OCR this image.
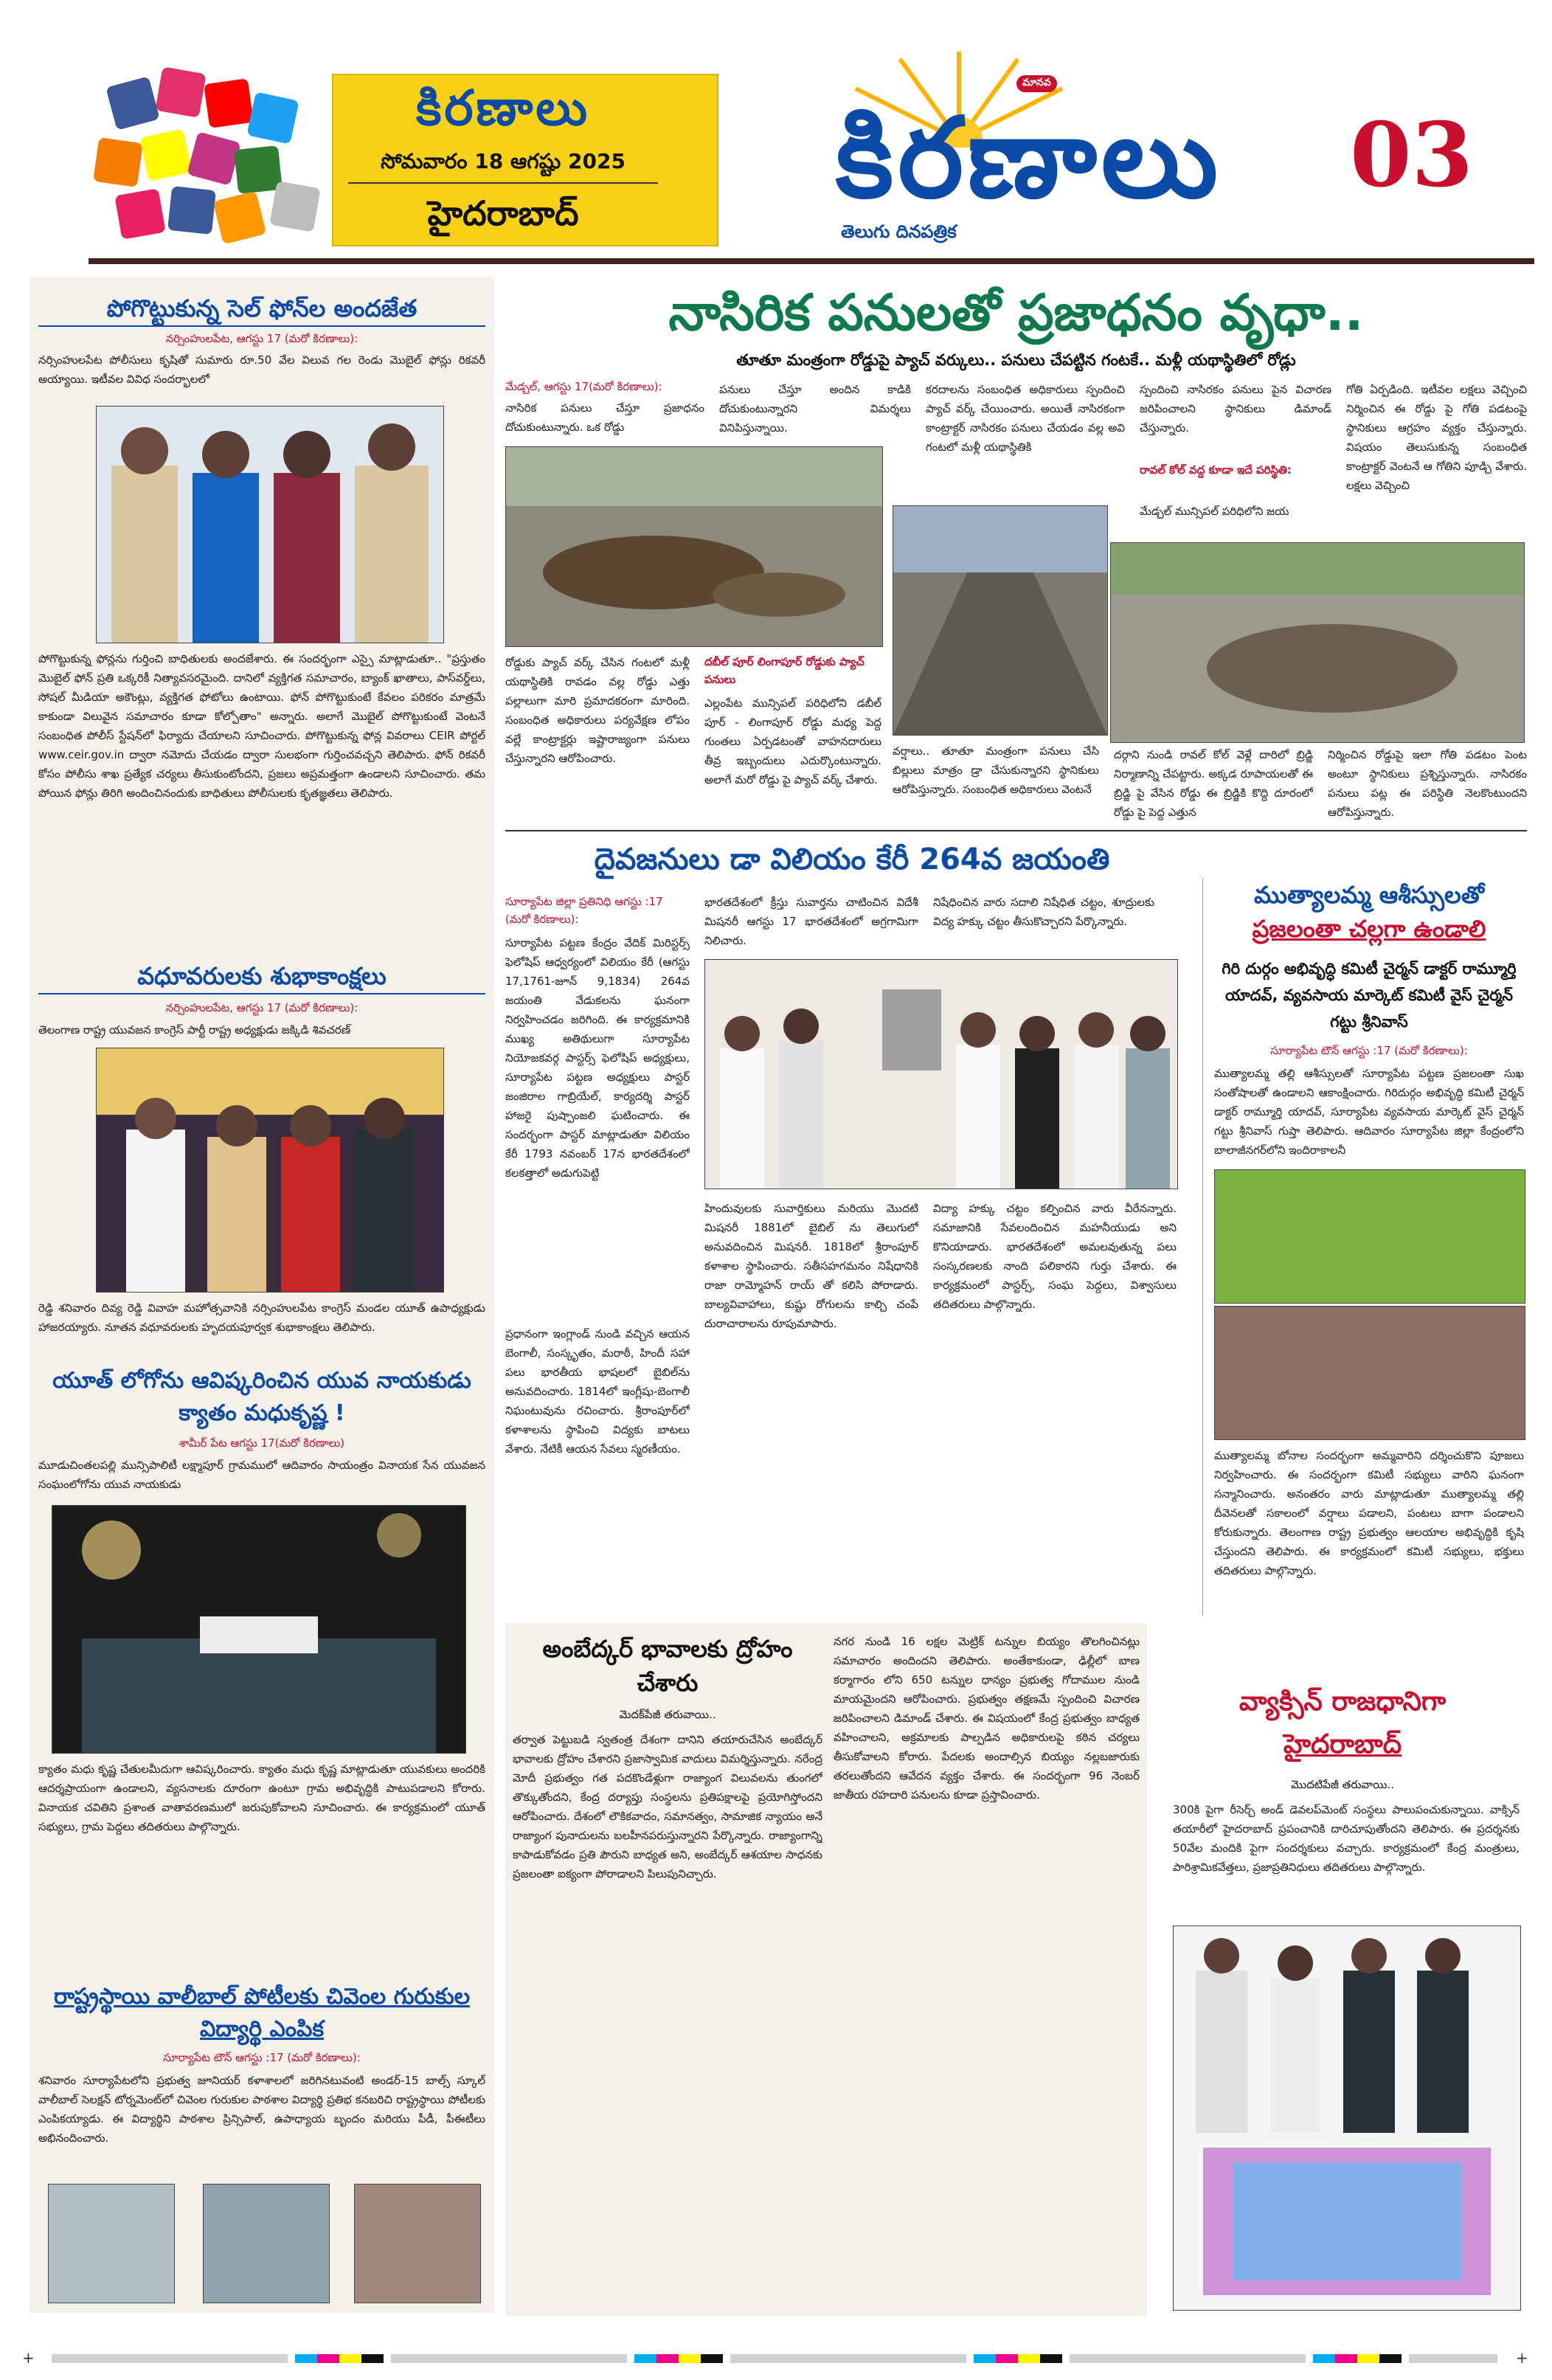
కిరణాలు
సోమవారం 18 ఆగష్టు 2025
హైదరాబాద్
మానవ
కిరణాలు
తెలుగు దినపత్రిక
03
పోగొట్టుకున్న సెల్ ఫోన్‌ల అందజేత
నర్సింహులపేట, ఆగస్టు 17 (మరో కిరణాలు):
నర్సింహులపేట పోలీసులు కృషితో సుమారు రూ.50 వేల విలువ గల రెండు మొబైల్ ఫోన్లు రికవరీ అయ్యాయి. ఇటీవల వివిధ సందర్భాలలో
పోగొట్టుకున్న ఫోన్లను గుర్తించి బాధితులకు అందజేశారు. ఈ సందర్భంగా ఎస్సై మాట్లాడుతూ.. "ప్రస్తుతం మొబైల్ ఫోన్ ప్రతి ఒక్కరికీ నిత్యావసరమైంది. దానిలో వ్యక్తిగత సమాచారం, బ్యాంక్ ఖాతాలు, పాస్‌వర్డ్‌లు, సోషల్ మీడియా అకౌంట్లు, వ్యక్తిగత ఫోటోలు ఉంటాయి. ఫోన్ పోగొట్టుకుంటే కేవలం పరికరం మాత్రమే కాకుండా విలువైన సమాచారం కూడా కోల్పోతాం" అన్నారు. అలాగే మొబైల్ పోగొట్టుకుంటే వెంటనే సంబంధిత పోలీస్ స్టేషన్‌లో ఫిర్యాదు చేయాలని సూచించారు. పోగొట్టుకున్న ఫోన్ల వివరాలు CEIR పోర్టల్ www.ceir.gov.in ద్వారా నమోదు చేయడం ద్వారా సులభంగా గుర్తించవచ్చని తెలిపారు. ఫోన్ రికవరీ కోసం పోలీసు శాఖ ప్రత్యేక చర్యలు తీసుకుంటోందని, ప్రజలు అప్రమత్తంగా ఉండాలని సూచించారు. తమ పోయిన ఫోన్లు తిరిగి అందించినందుకు బాధితులు పోలీసులకు కృతజ్ఞతలు తెలిపారు.
వధూవరులకు శుభాకాంక్షలు
నర్సింహులపేట, ఆగస్టు 17 (మరో కిరణాలు):
తెలంగాణ రాష్ట్ర యువజన కాంగ్రెస్ పార్టీ రాష్ట్ర అధ్యక్షుడు జక్కిడి శివచరణ్
రెడ్డి శనివారం దివ్య రెడ్డి వివాహ మహోత్సవానికి నర్సింహులపేట కాంగ్రెస్ మండల యూత్ ఉపాధ్యక్షుడు హాజరయ్యారు. నూతన వధూవరులకు హృదయపూర్వక శుభాకాంక్షలు తెలిపారు.
యూత్ లోగోను ఆవిష్కరించిన యువ నాయకుడు క్యాతం మధుకృష్ణ !
శామీర్ పేట ఆగస్టు 17(మరో కిరణాలు)
మూడుచింతలపల్లి మున్సిపాలిటీ లక్ష్మాపూర్ గ్రామములో ఆదివారం సాయంత్రం వినాయక సేన యువజన సంఘంలోగోను యువ నాయకుడు
క్యాతం మధు కృష్ణ చేతులమీదుగా ఆవిష్కరించారు. క్యాతం మధు కృష్ణ మాట్లాడుతూ యువకులు అందరికి ఆదర్శప్రాయంగా ఉండాలని, వ్యసనాలకు దూరంగా ఉంటూ గ్రామ అభివృద్ధికి పాటుపడాలని కోరారు. వినాయక చవితిని ప్రశాంత వాతావరణములో జరుపుకోవాలని సూచించారు. ఈ కార్యక్రమంలో యూత్ సభ్యులు, గ్రామ పెద్దలు తదితరులు పాల్గొన్నారు.
రాష్ట్రస్థాయి వాలీబాల్ పోటీలకు చివెంల గురుకుల విద్యార్థి ఎంపిక
సూర్యాపేట టౌన్ ఆగస్టు :17 (మరో కిరణాలు):
శనివారం సూర్యాపేటలోని ప్రభుత్వ జూనియర్ కళాశాలలో జరిగినటువంటి అండర్-15 బాల్స్ స్కూల్ వాలీబాల్ సెలక్షన్ టోర్నమెంట్‌లో చివెంల గురుకుల పాఠశాల విద్యార్థి ప్రతిభ కనబరిచి రాష్ట్రస్థాయి పోటీలకు ఎంపికయ్యాడు. ఈ విద్యార్థిని పాఠశాల ప్రిన్సిపాల్, ఉపాధ్యాయ బృందం మరియు పీడీ, పీఈటీలు అభినందించారు.
నాసిరిక పనులతో ప్రజాధనం వృధా..
తూతూ మంత్రంగా రోడ్డుపై ప్యాచ్ వర్కులు.. పనులు చేపట్టిన గంటకే.. మళ్లీ యథాస్థితిలో రోడ్లు
మేడ్చల్, ఆగస్టు 17(మరో కిరణాలు):
నాసిరిక పనులు చేస్తూ ప్రజాధనం దోచుకుంటున్నారు. ఒక రోడ్డు
పనులు చేస్తూ అందిన కాడికి దోచుకుంటున్నారని విమర్శలు వినిపిస్తున్నాయి.
కరదాలను సంబంధిత అధికారులు స్పందించి ప్యాచ్ వర్క్ చేయించారు. అయితే నాసిరకంగా కాంట్రాక్టర్ నాసిరకం పనులు చేయడం వల్ల అవి గంటలో మళ్లీ యథాస్థితికి
స్పందించి నాసిరకం పనులు పైన విచారణ జరిపించాలని స్థానికులు డిమాండ్ చేస్తున్నారు.
రావల్ కోల్ వద్ద కూడా ఇదే పరిస్థితి:
మేడ్చల్ మున్సిపల్ పరిధిలోని జయ
గోతి ఏర్పడింది. ఇటీవల లక్షలు వెచ్చించి నిర్మించిన ఈ రోడ్డు పై గోతి పడటంపై స్థానికులు ఆగ్రహం వ్యక్తం చేస్తున్నారు. విషయం తెలుసుకున్న సంబంధిత కాంట్రాక్టర్ వెంటనే ఆ గోతిని పూడ్చి వేశారు. లక్షలు వెచ్చించి
రోడ్డుకు ప్యాచ్ వర్క్ చేసిన గంటలో మళ్లీ యథాస్థితికి రావడం వల్ల రోడ్డు ఎత్తు పల్లాలుగా మారి ప్రమాదకరంగా మారింది. సంబంధిత అధికారులు పర్యవేక్షణ లోపం వల్లే కాంట్రాక్టర్లు ఇష్టారాజ్యంగా పనులు చేస్తున్నారని ఆరోపించారు.
దబీల్ పూర్ లింగాపూర్ రోడ్డుకు ప్యాచ్ పనులు
ఎల్లంపేట మున్సిపల్ పరిధిలోని డబీల్ పూర్ - లింగాపూర్ రోడ్డు మధ్య పెద్ద గుంతలు ఏర్పడటంతో వాహనదారులు తీవ్ర ఇబ్బందులు ఎదుర్కొంటున్నారు. అలాగే మరో రోడ్డు పై ప్యాచ్ వర్క్ చేశారు.
వర్షాలు.. తూతూ మంత్రంగా పనులు చేసి బిల్లులు మాత్రం డ్రా చేసుకున్నారని స్థానికులు ఆరోపిస్తున్నారు. సంబంధిత అధికారులు వెంటనే
దర్గాని నుండి రావల్ కోల్ వెళ్లే దారిలో బ్రిడ్జి నిర్మాణాన్ని చేపట్టారు. అక్కడ రూపాయలతో ఈ బ్రిడ్జి పై వేసిన రోడ్డు ఈ బ్రిడ్జికి కొద్ది దూరంలో రోడ్డు పై పెద్ద ఎత్తున
నిర్మించిన రోడ్డుపై ఇలా గోతి పడటం పెంట అంటూ స్థానికులు ప్రశ్నిస్తున్నారు. నాసిరకం పనులు పట్ల ఈ పరిస్థితి నెలకొంటుందని ఆరోపిస్తున్నారు.
దైవజనులు డా విలియం కేరీ 264వ జయంతి
సూర్యాపేట జిల్లా ప్రతినిధి ఆగస్టు :17 (మరో కిరణాలు):
సూర్యాపేట పట్టణ కేంద్రం వేదిక్ మిరిస్టర్స్ ఫెలోషిప్ ఆధ్వర్యంలో విలియం కేరీ (ఆగస్టు 17,1761-జూన్ 9,1834) 264వ జయంతి వేడుకలను ఘనంగా నిర్వహించడం జరిగింది. ఈ కార్యక్రమానికి ముఖ్య అతిథులుగా సూర్యాపేట నియోజకవర్గ పాస్టర్స్ ఫెలోషిప్ అధ్యక్షులు, సూర్యాపేట పట్టణ అధ్యక్షులు పాస్టర్ జంజిరాల గాబ్రియేల్, కార్యదర్శి పాస్టర్ హాజరై పుష్పాంజలి ఘటించారు. ఈ సందర్భంగా పాస్టర్ మాట్లాడుతూ విలియం కేరీ 1793 నవంబర్ 17న భారతదేశంలో కలకత్తాలో అడుగుపెట్టి
భారతదేశంలో క్రీస్తు సువార్తను చాటించిన విదేశీ మిషనరీ ఆగస్టు 17 భారతదేశంలో అగ్రగామిగా నిలిచారు.
నిషేధించిన వారు సదాలి నిషేధిత చట్టం, శూద్రులకు విద్య హక్కు చట్టం తీసుకొచ్చారని పేర్కొన్నారు.
ప్రధానంగా ఇంగ్లాండ్ నుండి వచ్చిన ఆయన బెంగాలీ, సంస్కృతం, మరాఠీ, హిందీ సహా పలు భారతీయ భాషలలో బైబిల్‌ను అనువదించారు. 1814లో ఇంగ్లీషు-బెంగాలీ నిఘంటువును రచించారు. శ్రీరాంపూర్‌లో కళాశాలను స్థాపించి విద్యకు బాటలు వేశారు. నేటికీ ఆయన సేవలు స్మరణీయం.
హిందువులకు సువార్తికులు మరియు మొదటి మిషనరీ 1881లో బైబిల్ ను తెలుగులో అనువదించిన మిషనరీ. 1818లో శ్రీరాంపూర్ కళాశాల స్థాపించారు. సతీసహగమనం నిషేధానికి రాజా రామ్మోహన్ రాయ్ తో కలిసి పోరాడారు. బాల్యవివాహాలు, కుష్టు రోగులను కాల్చి చంపే దురాచారాలను రూపుమాపారు.
విద్యా హక్కు చట్టం కల్పించిన వారు వీరేనన్నారు. సమాజానికి సేవలందించిన మహనీయుడు అని కొనియాడారు. భారతదేశంలో అమలవుతున్న పలు సంస్కరణలకు నాంది పలికారని గుర్తు చేశారు. ఈ కార్యక్రమంలో పాస్టర్స్, సంఘ పెద్దలు, విశ్వాసులు తదితరులు పాల్గొన్నారు.
ముత్యాలమ్మ ఆశీస్సులతో
ప్రజలంతా చల్లగా ఉండాలి
గిరి దుర్గం అభివృద్ధి కమిటీ చైర్మన్ డాక్టర్ రామ్మూర్తి యాదవ్, వ్యవసాయ మార్కెట్ కమిటీ వైస్ చైర్మన్ గట్టు శ్రీనివాస్
సూర్యాపేట టౌన్ ఆగస్టు :17 (మరో కిరణాలు):
ముత్యాలమ్మ తల్లి ఆశీస్సులతో సూర్యాపేట పట్టణ ప్రజలంతా సుఖ సంతోషాలతో ఉండాలని ఆకాంక్షించారు. గిరిదుర్గం అభివృద్ధి కమిటీ చైర్మన్ డాక్టర్ రామ్మూర్తి యాదవ్, సూర్యాపేట వ్యవసాయ మార్కెట్ వైస్ చైర్మన్ గట్టు శ్రీనివాస్ గుప్తా తెలిపారు. ఆదివారం సూర్యాపేట జిల్లా కేంద్రంలోని బాలాజీనగర్‌లోని ఇందిరాకాలనీ
ముత్యాలమ్మ బోనాల సందర్భంగా అమ్మవారిని దర్శించుకొని పూజలు నిర్వహించారు. ఈ సందర్భంగా కమిటీ సభ్యులు వారిని ఘనంగా సన్మానించారు. అనంతరం వారు మాట్లాడుతూ ముత్యాలమ్మ తల్లి దీవెనలతో సకాలంలో వర్షాలు పడాలని, పంటలు బాగా పండాలని కోరుకున్నారు. తెలంగాణ రాష్ట్ర ప్రభుత్వం ఆలయాల అభివృద్ధికి కృషి చేస్తుందని తెలిపారు. ఈ కార్యక్రమంలో కమిటీ సభ్యులు, భక్తులు తదితరులు పాల్గొన్నారు.
అంబేద్కర్ భావాలకు ద్రోహం
చేశారు
మెదక్‌పేజీ తరువాయి..
తర్వాత పెట్టుబడి స్వతంత్ర దేశంగా దానిని తయారుచేసిన అంబేద్కర్ భావాలకు ద్రోహం చేశారని ప్రజాస్వామిక వాదులు విమర్శిస్తున్నారు. నరేంద్ర మోదీ ప్రభుత్వం గత పదకొండేళ్లుగా రాజ్యాంగ విలువలను తుంగలో తొక్కుతోందని, కేంద్ర దర్యాప్తు సంస్థలను ప్రతిపక్షాలపై ప్రయోగిస్తోందని ఆరోపించారు. దేశంలో లౌకికవాదం, సమానత్వం, సామాజిక న్యాయం అనే రాజ్యాంగ పునాదులను బలహీనపరుస్తున్నారని పేర్కొన్నారు. రాజ్యాంగాన్ని కాపాడుకోవడం ప్రతి పౌరుని బాధ్యత అని, అంబేద్కర్ ఆశయాల సాధనకు ప్రజలంతా ఐక్యంగా పోరాడాలని పిలుపునిచ్చారు.
నగర నుండి 16 లక్షల మెట్రిక్ టన్నుల బియ్యం తొలగించినట్లు సమాచారం అందిందని తెలిపారు. అంతేకాకుండా, ఢిల్లీలో బాణ కర్మాగారం లోని 650 టన్నుల ధాన్యం ప్రభుత్వ గోదాముల నుండి మాయమైందని ఆరోపించారు. ప్రభుత్వం తక్షణమే స్పందించి విచారణ జరిపించాలని డిమాండ్ చేశారు. ఈ విషయంలో కేంద్ర ప్రభుత్వం బాధ్యత వహించాలని, అక్రమాలకు పాల్పడిన అధికారులపై కఠిన చర్యలు తీసుకోవాలని కోరారు. పేదలకు అందాల్సిన బియ్యం నల్లబజారుకు తరలుతోందని ఆవేదన వ్యక్తం చేశారు. ఈ సందర్భంగా 96 నెంబర్ జాతీయ రహదారి పనులను కూడా ప్రస్తావించారు.
వ్యాక్సిన్ రాజధానిగా
హైదరాబాద్
మొదటిపేజీ తరువాయి..
300కి పైగా రీసెర్చ్ అండ్ డెవలప్‌మెంట్ సంస్థలు పాలుపంచుకున్నాయి. వాక్సిన్ తయారీలో హైదరాబాద్ ప్రపంచానికి దారిచూపుతోందని తెలిపారు. ఈ ప్రదర్శనకు 50వేల మందికి పైగా సందర్శకులు వచ్చారు. కార్యక్రమంలో కేంద్ర మంత్రులు, పారిశ్రామికవేత్తలు, ప్రజాప్రతినిధులు తదితరులు పాల్గొన్నారు.
+	+
